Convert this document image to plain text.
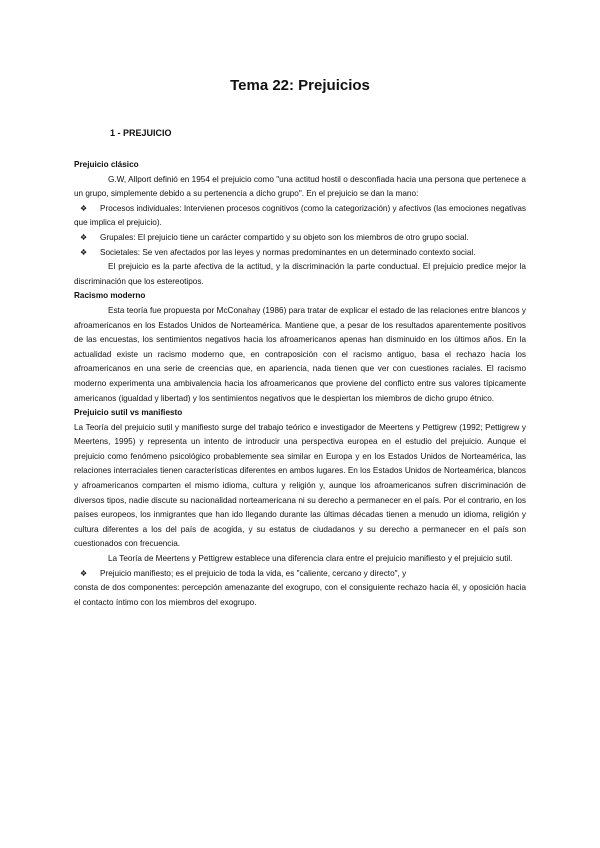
Tema 22: Prejuicios
1 - PREJUICIO
Prejuicio clásico

G.W, Allport definió en 1954 el prejuicio como "una actitud hostil o desconfiada hacia una persona que pertenece a un grupo, simplemente debido a su pertenencia a dicho grupo". En el prejuicio se dan la mano:

❖ Procesos individuales: Intervienen procesos cognitivos (como la categorización) y afectivos (las emociones negativas que implica el prejuicio).

❖ Grupales: El prejuicio tiene un carácter compartido y su objeto son los miembros de otro grupo social.

❖ Societales: Se ven afectados por las leyes y normas predominantes en un determinado contexto social.

El prejuicio es la parte afectiva de la actitud, y la discriminación la parte conductual. El prejuicio predice mejor la discriminación que los estereotipos.

Racismo moderno

Esta teoría fue propuesta por McConahay (1986) para tratar de explicar el estado de las relaciones entre blancos y afroamericanos en los Estados Unidos de Norteamérica. Mantiene que, a pesar de los resultados aparentemente positivos de las encuestas, los sentimientos negativos hacia los afroamericanos apenas han disminuido en los últimos años. En la actualidad existe un racismo moderno que, en contraposición con el racismo antiguo, basa el rechazo hacia los afroamericanos en una serie de creencias que, en apariencia, nada tienen que ver con cuestiones raciales. El racismo moderno experimenta una ambivalencia hacia los afroamericanos que proviene del conflicto entre sus valores típicamente americanos (igualdad y libertad) y los sentimientos negativos que le despiertan los miembros de dicho grupo étnico.

Prejuicio sutil vs manifiesto

La Teoría del prejuicio sutil y manifiesto surge del trabajo teórico e investigador de Meertens y Pettigrew (1992; Pettigrew y Meertens, 1995) y representa un intento de introducir una perspectiva europea en el estudio del prejuicio. Aunque el prejuicio como fenómeno psicológico probablemente sea similar en Europa y en los Estados Unidos de Norteamérica, las relaciones interraciales tienen características diferentes en ambos lugares. En los Estados Unidos de Norteamérica, blancos y afroamericanos comparten el mismo idioma, cultura y religión y, aunque los afroamericanos sufren discriminación de diversos tipos, nadie discute su nacionalidad norteamericana ni su derecho a permanecer en el país. Por el contrario, en los países europeos, los inmigrantes que han ido llegando durante las últimas décadas tienen a menudo un idioma, religión y cultura diferentes a los del país de acogida, y su estatus de ciudadanos y su derecho a permanecer en el país son cuestionados con frecuencia.

La Teoría de Meertens y Pettigrew establece una diferencia clara entre el prejuicio manifiesto y el prejuicio sutil.

❖ Prejuicio manifiesto; es el prejuicio de toda la vida, es "caliente, cercano y directo", y

consta de dos componentes: percepción amenazante del exogrupo, con el consiguiente rechazo hacia él, y oposición hacia el contacto íntimo con los miembros del exogrupo.
